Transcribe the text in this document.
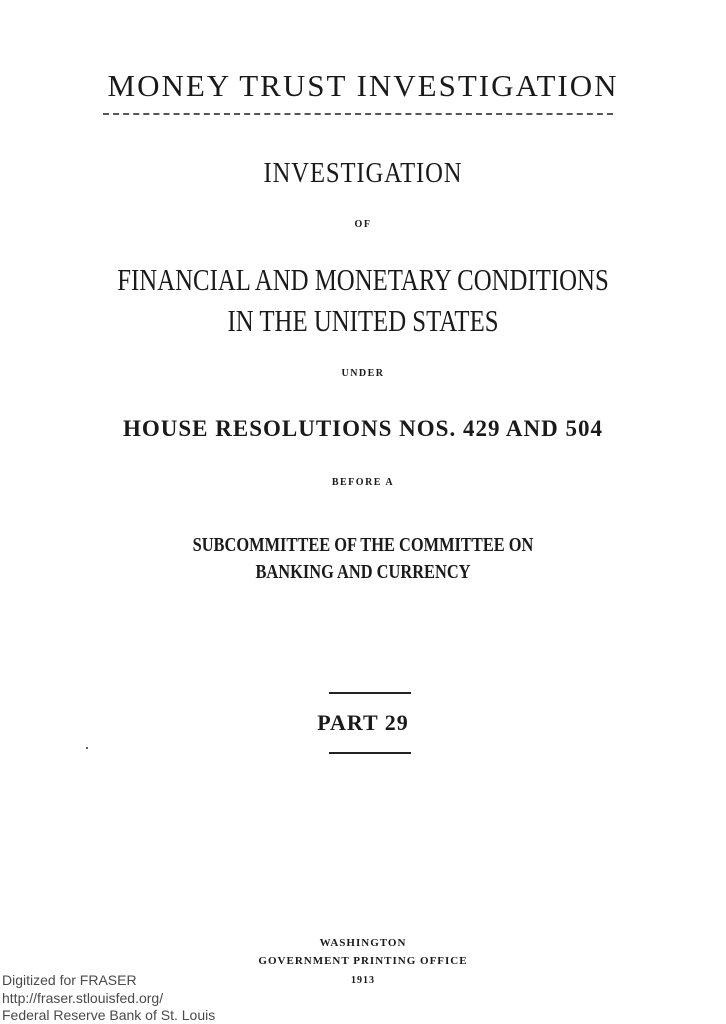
MONEY TRUST INVESTIGATION
INVESTIGATION
OF
FINANCIAL AND MONETARY CONDITIONS
IN THE UNITED STATES
UNDER
HOUSE RESOLUTIONS NOS. 429 AND 504
BEFORE A
SUBCOMMITTEE OF THE COMMITTEE ON
BANKING AND CURRENCY
PART 29
WASHINGTON
GOVERNMENT PRINTING OFFICE
1913
Digitized for FRASER
http://fraser.stlouisfed.org/
Federal Reserve Bank of St. Louis
